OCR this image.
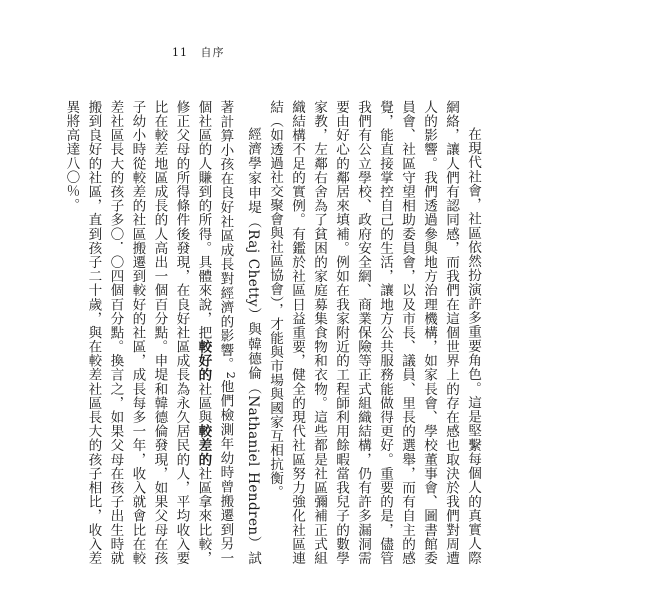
11 自序

在現代社會，社區依然扮演許多重要角色。這是堅繫每個人的真實人際網絡，讓人們有認同感，而我們在這個世界上的存在感也取決於我們對周遭人的影響。我們透過參與地方治理機構，如家長會、學校董事會、圖書館委員會、社區守望相助委員會，以及市長、議員、里長的選舉，而有自主的感覺，能直接掌控自己的生活，讓地方公共服務能做得更好。重要的是，儘管我們有公立學校、政府安全網、商業保險等正式組織結構，仍有許多漏洞需要由好心的鄰居來填補。例如在我家附近的工程師利用餘暇當我兒子的數學家教，左鄰右舍為了貧困的家庭募集食物和衣物。這些都是社區彌補正式組織結構不足的實例。有鑑於社區日益重要，健全的現代社區努力強化社區連結（如透過社交聚會與社區協會），才能與市場與國家互相抗衡。

經濟學家申堤（Raj Chetty）與韓德倫（Nathaniel Hendren）試著計算小孩在良好社區成長對經濟的影響。$^2$他們檢測年幼時曾搬遷到另一個社區的人賺到的所得。具體來說，把較好的社區與較差的社區拿來比較，修正父母的所得條件後發現，在良好社區成長為永久居民的人，平均收入要比在較差地區成長的人高出一個百分點。申堤和韓德倫發現，如果父母在孩子幼小時從較差的社區搬遷到較好的社區，成長每多一年，收入就會比在較差社區長大的孩子多〇．〇四個百分點。換言之，如果父母在孩子出生時就搬到良好的社區，直到孩子二十歲，與在較差社區長大的孩子相比，收入差異將高達八〇％。
